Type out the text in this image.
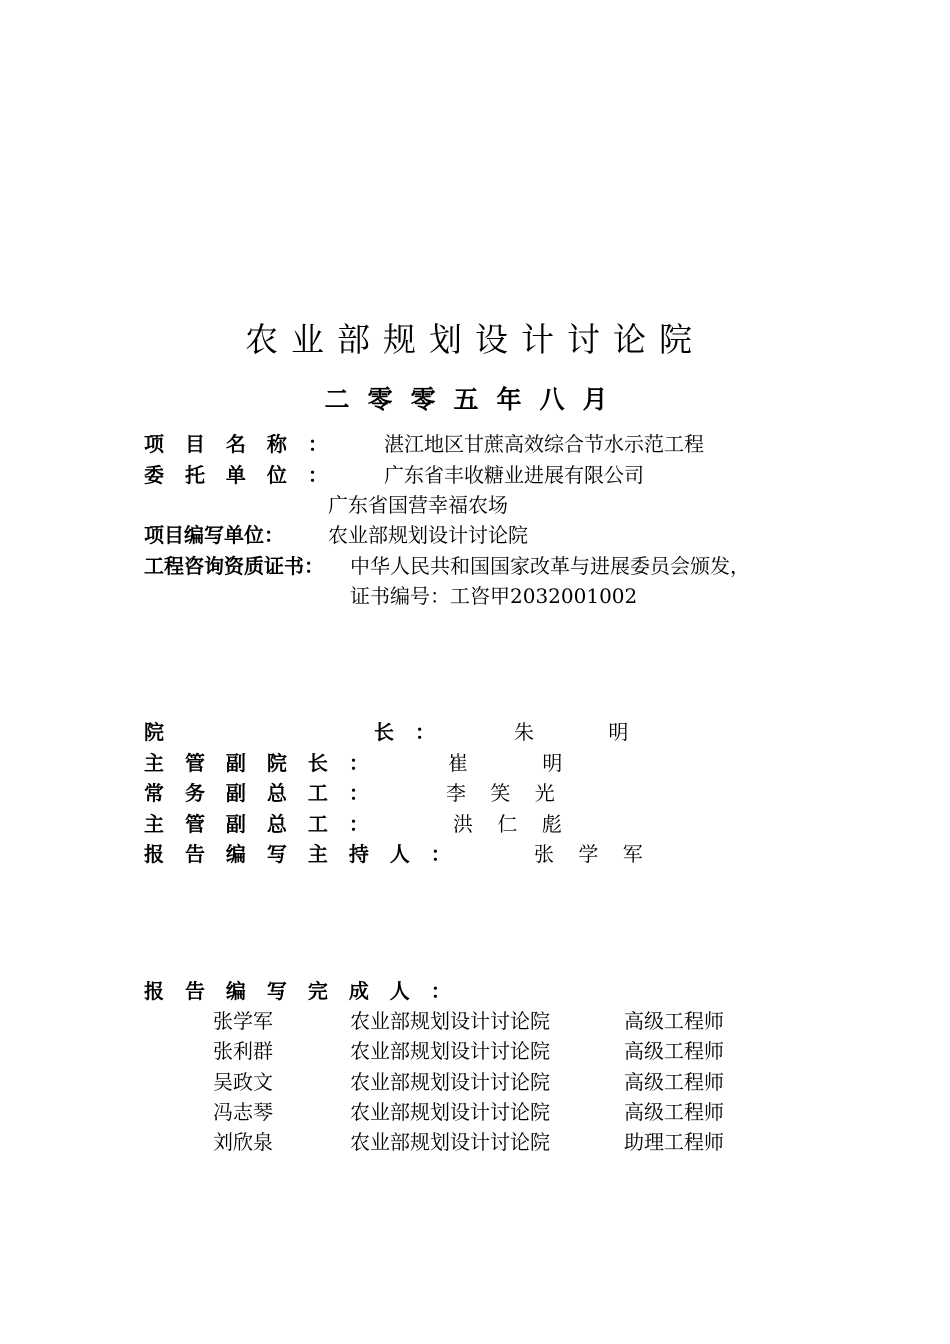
农业部规划设计讨论院
二零零五年八月
项 目 名 称 ：	湛江地区甘蔗高效综合节水示范工程
委 托 单 位 ：	广东省丰收糖业进展有限公司
广东省国营幸福农场
项目编写单位： 农业部规划设计讨论院
工程咨询资质证书： 中华人民共和国国家改革与进展委员会颁发，
证书编号：工咨甲2032001002
院	长 ：	朱 明
主 管 副 院 长 ：	崔 明
常 务 副 总 工 ：	李 笑 光
主 管 副 总 工 ：	洪 仁 彪
报 告 编 写 主 持 人 ：	张 学 军
报 告 编 写 完 成 人 ：
张学军	农业部规划设计讨论院	高级工程师
张利群	农业部规划设计讨论院	高级工程师
吴政文	农业部规划设计讨论院	高级工程师
冯志琴	农业部规划设计讨论院	高级工程师
刘欣泉	农业部规划设计讨论院	助理工程师
